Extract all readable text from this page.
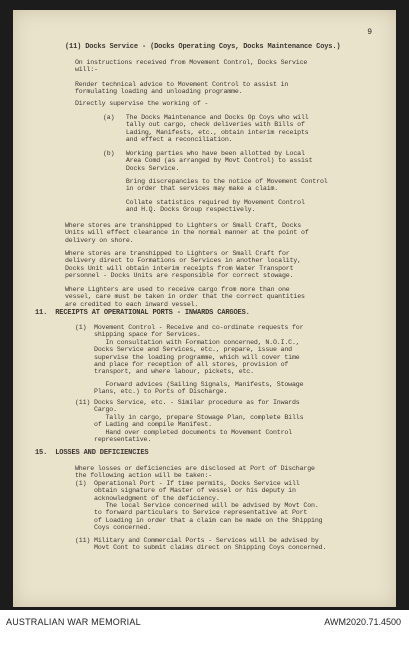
9
(11) Docks Service - (Docks Operating Coys, Docks Maintenance Coys.)
On instructions received from Movement Control, Docks Service
will:-
Render technical advice to Movement Control to assist in
formulating loading and unloading programme.
Directly supervise the working of -
(a)   The Docks Maintenance and Docks Op Coys who will
tally out cargo, check deliveries with Bills of
Lading, Manifests, etc., obtain interim receipts
and effect a reconciliation.
(b)   Working parties who have been allotted by Local
Area Comd (as arranged by Movt Control) to assist
Docks Service.
Bring discrepancies to the notice of Movement Control
in order that services may make a claim.
Collate statistics required by Movement Control
and H.Q. Docks Group respectively.
Where stores are transhipped to Lighters or Small Craft, Docks
Units will effect clearance in the normal manner at the point of
delivery on shore.
Where stores are transhipped to Lighters or Small Craft for
delivery direct to Formations or Services in another locality,
Docks Unit will obtain interim receipts from Water Transport
personnel - Docks Units are responsible for correct stowage.
Where Lighters are used to receive cargo from more than one
vessel, care must be taken in order that the correct quantities
are credited to each inward vessel.
11.  RECEIPTS AT OPERATIONAL PORTS - INWARDS CARGOES.
(1)  Movement Control - Receive and co-ordinate requests for
shipping space for Services.
In consultation with Formation concerned, N.O.I.C.,
Docks Service and Services, etc., prepare, issue and
supervise the loading programme, which will cover time
and place for reception of all stores, provision of
transport, and where labour, pickets, etc.
Forward advices (Sailing Signals, Manifests, Stowage
Plans, etc.) to Ports of Discharge.
(11) Docks Service, etc. - Similar procedure as for Inwards
Cargo.
Tally in cargo, prepare Stowage Plan, complete Bills
of Lading and compile Manifest.
Hand over completed documents to Movement Control
representative.
15.  LOSSES AND DEFICIENCIES
Where losses or deficiencies are disclosed at Port of Discharge
the following action will be taken:-
(1)  Operational Port - If time permits, Docks Service will
obtain signature of Master of vessel or his deputy in
acknowledgment of the deficiency.
The local Service concerned will be advised by Movt Con.
to forward particulars to Service representative at Port
of Loading in order that a claim can be made on the Shipping
Coys concerned.
(11) Military and Commercial Ports - Services will be advised by
Movt Cont to submit claims direct on Shipping Coys concerned.
AUSTRALIAN WAR MEMORIAL	AWM2020.71.4500
